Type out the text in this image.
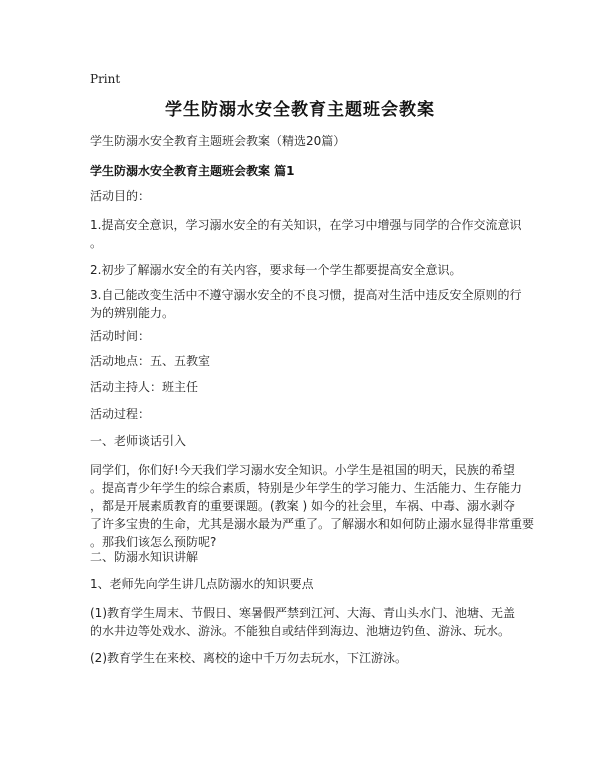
Print
学生防溺水安全教育主题班会教案
学生防溺水安全教育主题班会教案（精选20篇）
学生防溺水安全教育主题班会教案 篇1
活动目的：
1.提高安全意识，学习溺水安全的有关知识，在学习中增强与同学的合作交流意识
。
2.初步了解溺水安全的有关内容，要求每一个学生都要提高安全意识。
3.自己能改变生活中不遵守溺水安全的不良习惯，提高对生活中违反安全原则的行
为的辨别能力。
活动时间：
活动地点：五、五教室
活动主持人：班主任
活动过程：
一、老师谈话引入
同学们，你们好!今天我们学习溺水安全知识。小学生是祖国的明天，民族的希望
。提高青少年学生的综合素质，特别是少年学生的学习能力、生活能力、生存能力
，都是开展素质教育的重要课题。(教案 ) 如今的社会里，车祸、中毒、溺水剥夺
了许多宝贵的生命，尤其是溺水最为严重了。了解溺水和如何防止溺水显得非常重要
。那我们该怎么预防呢?
二、防溺水知识讲解
1、老师先向学生讲几点防溺水的知识要点
(1)教育学生周末、节假日、寒暑假严禁到江河、大海、青山头水门、池塘、无盖
的水井边等处戏水、游泳。不能独自或结伴到海边、池塘边钓鱼、游泳、玩水。
(2)教育学生在来校、离校的途中千万勿去玩水，下江游泳。
